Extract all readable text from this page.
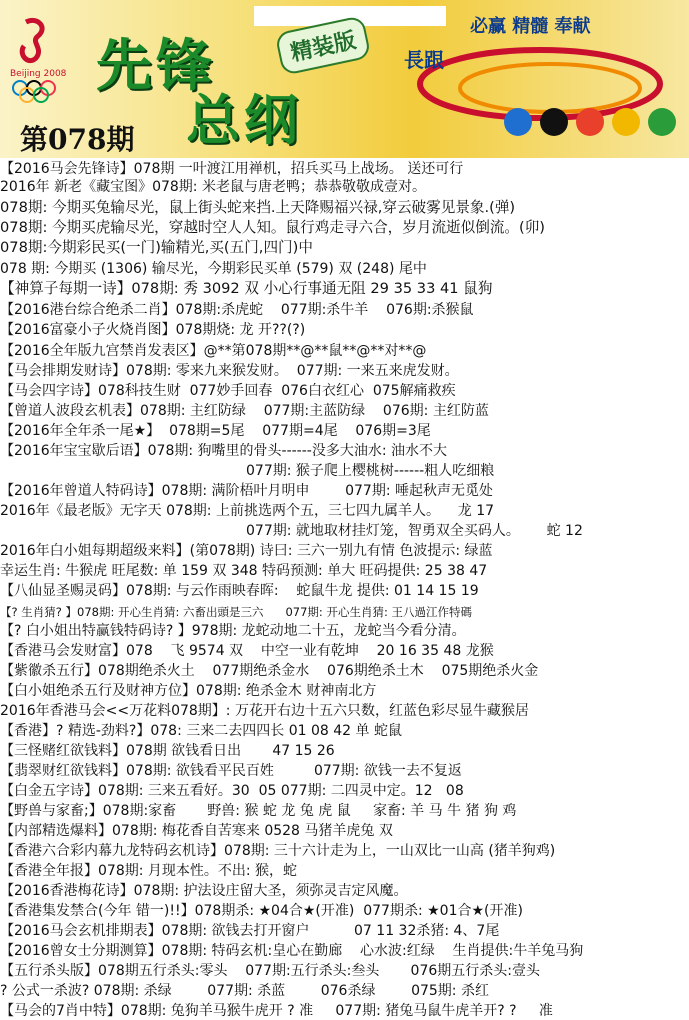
Beijing 2008 先锋	精装版
总纲
第078期
必赢 精髓 奉献
長跟
【2016马会先锋诗】078期 一叶渡江用禅机，招兵买马上战场。 送还可行
2016年 新老《藏宝图》078期: 米老鼠与唐老鸭；恭恭敬敬成壹对。
078期: 今期买兔输尽光，鼠上街头蛇来挡.上天降赐福兴禄,穿云破雾见景象.(弹)
078期: 今期买虎输尽光，穿越时空人人知。鼠行鸡走寻六合，岁月流逝似倒流。(卯)
078期:今期彩民买(一门)输精光,买(五门,四门)中
078 期: 今期买 (1306) 输尽光，今期彩民买单 (579) 双 (248) 尾中
【神算子每期一诗】078期: 秀 3092 双 小心行事通无阻 29 35 33 41 鼠狗
【2016港台综合绝杀二肖】078期:杀虎蛇    077期:杀牛羊    076期:杀猴鼠
【2016富豪小子火烧肖图】078期烧: 龙 开??(?)
【2016全年版九宫禁肖发表区】@**第078期**@**鼠**@**对**@
【马会排期发财诗】078期: 零来九来猴发财。  077期: 一来五来虎发财。
【马会四字诗】078科技生财  077妙手回春  076白衣红心  075解痛救疾
【曾道人波段玄机表】078期: 主红防绿    077期:主蓝防绿    076期: 主红防蓝
【2016年全年杀一尾★】  078期=5尾    077期=4尾    076期=3尾
【2016年宝宝歇后语】078期: 狗嘴里的骨头------没多大油水: 油水不大
077期: 猴子爬上樱桃树------粗人吃细粮
【2016年曾道人特码诗】078期: 满阶梧叶月明申        077期: 唾起秋声无觅处
2016年《最老版》无字天 078期: 上前挑选两个五，三七四九属羊人。    龙 17
077期: 就地取材挂灯笼，智勇双全买码人。      蛇 12
2016年白小姐每期超级来料】(第078期) 诗曰: 三六一别九有情 色波提示: 绿蓝
幸运生肖: 牛猴虎 旺尾数: 单 159 双 348 特码预测: 单大 旺码提供: 25 38 47
【八仙显圣赐灵码】078期: 与云作雨映春晖:    蛇鼠牛龙 提供: 01 14 15 19
【? 生肖猜? 】078期: 开心生肖猜: 六畜出頭是三六      077期: 开心生肖猜: 王八過江作特碼
【? 白小姐出特赢钱特码诗? 】978期: 龙蛇动地二十五，龙蛇当今看分清。
【香港马会发财富】078    飞 9574 双    中空一业有乾坤    20 16 35 48 龙猴
【紫徽杀五行】078期绝杀火土    077期绝杀金水    076期绝杀土木    075期绝杀火金
【白小姐绝杀五行及财神方位】078期: 绝杀金木 财神南北方
2016年香港马会<<万花料078期】: 万花开右边十五六只数，红蓝色彩尽显牛藏猴居
【香港】? 精选-劲料?】078: 三来二去四四长 01 08 42 单 蛇鼠
【三怪赌红欲钱料】078期 欲钱看日出       47 15 26
【翡翠财红欲钱料】078期: 欲钱看平民百姓         077期: 欲钱一去不复返
【白金五字诗】078期: 三来五看好。30  05 077期: 二四灵中定。12   08
【野兽与家畜;】078期:家畜       野兽: 猴 蛇 龙 兔 虎 鼠     家畜: 羊 马 牛 猪 狗 鸡
【内部精选爆料】078期: 梅花香自苦寒来 0528 马猪羊虎兔 双
【香港六合彩内幕九龙特码玄机诗】078期: 三十六计走为上，一山双比一山高 (猪羊狗鸡)
【香港全年报】078期: 月现本性。不出: 猴，蛇
【2016香港梅花诗】078期: 护法设庄留大圣，须弥灵吉定风魔。
【香港集发禁合(今年 错一)!!】078期杀: ★04合★(开准)  077期杀: ★01合★(开准)
【2016马会玄机排期表】078期: 欲钱去打开窗户          07 11 32杀猪: 4、7尾
【2016曾女士分期测算】078期: 特码玄机:皇心在勤廊    心水波:红绿    生肖提供:牛羊兔马狗
【五行杀头版】078期五行杀头:零头    077期:五行杀头:叁头       076期五行杀头:壹头
? 公式一杀波? 078期: 杀绿        077期: 杀蓝        076杀绿        075期: 杀红
【马会的7肖中特】078期: 兔狗羊马猴牛虎开 ? 准     077期: 猪兔马鼠牛虎羊开? ?     准
